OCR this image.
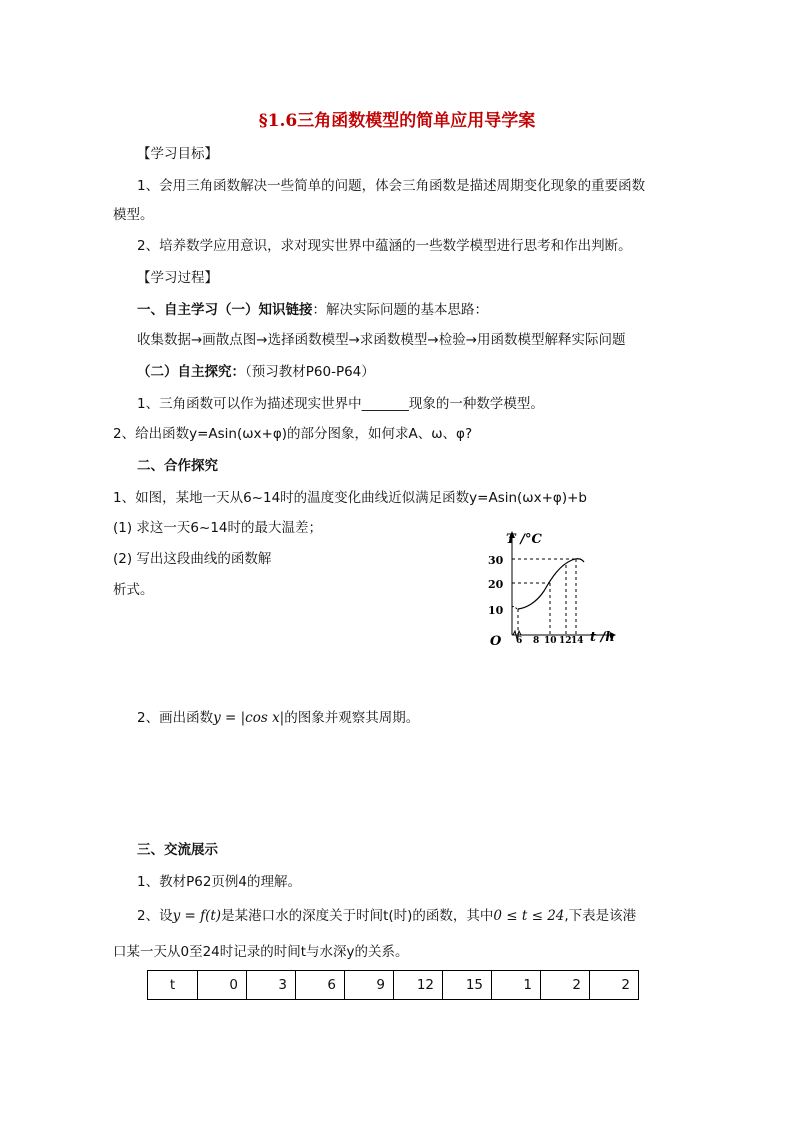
§1.6三角函数模型的简单应用导学案
【学习目标】
1、会用三角函数解决一些简单的问题，体会三角函数是描述周期变化现象的重要函数
模型。
2、培养数学应用意识，求对现实世界中蕴涵的一些数学模型进行思考和作出判断。
【学习过程】
一、自主学习（一）知识链接：解决实际问题的基本思路：
收集数据→画散点图→选择函数模型→求函数模型→检验→用函数模型解释实际问题
（二）自主探究：（预习教材P60-P64）
1、三角函数可以作为描述现实世界中_______现象的一种数学模型。
2、给出函数y=Asin(ωx+φ)的部分图象，如何求A、ω、φ?
二、合作探究
1、如图，某地一天从6~14时的温度变化曲线近似满足函数y=Asin(ωx+φ)+b
(1) 求这一天6~14时的最大温差；
(2) 写出这段曲线的函数解
析式。
T /°C
t /h
O
10
20
30
6 8 10 12 14
2、画出函数y = |cos x|的图象并观察其周期。
三、交流展示
1、教材P62页例4的理解。
2、设y = f(t)是某港口水的深度关于时间t(时)的函数，其中0 ≤ t ≤ 24,下表是该港
口某一天从0至24时记录的时间t与水深y的关系。
t	0	3	6	9	12	15	1	2	2
